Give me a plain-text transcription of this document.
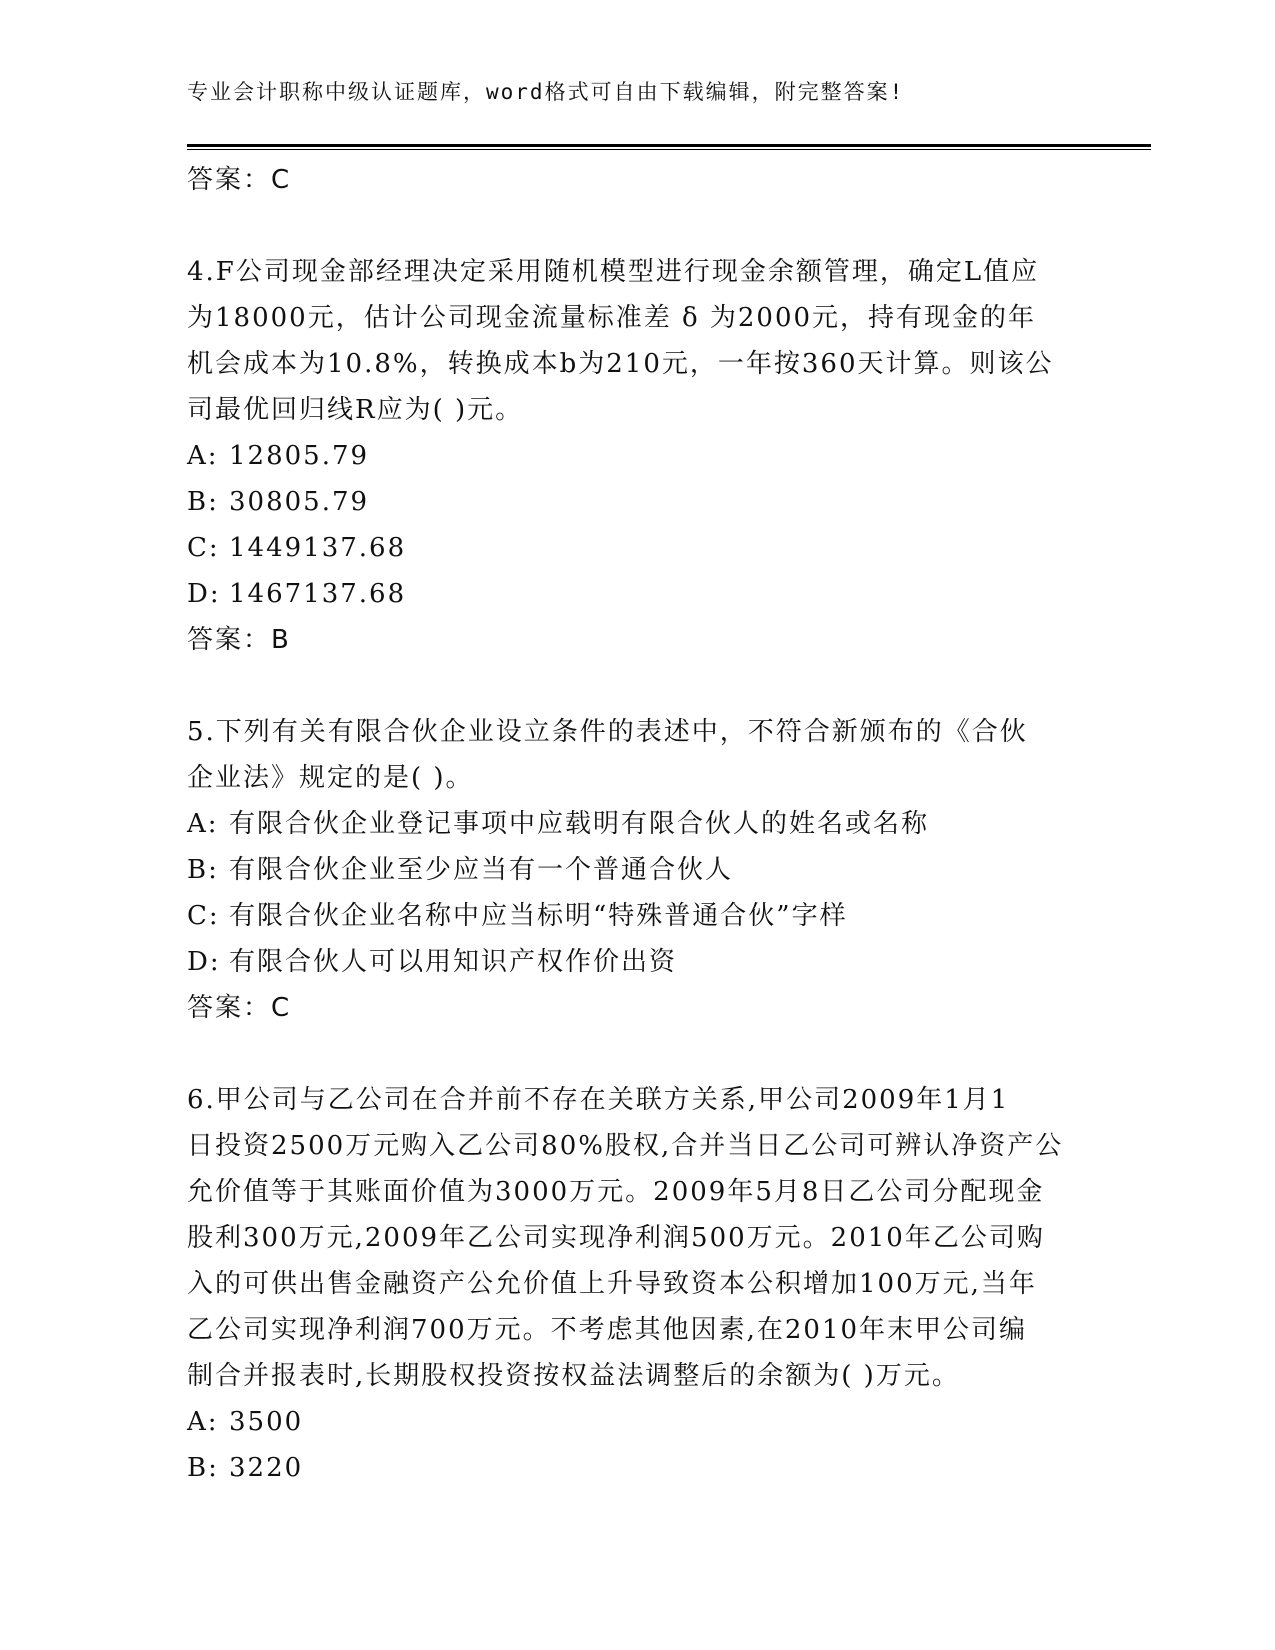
专业会计职称中级认证题库，word格式可自由下载编辑，附完整答案!
答案：C
4.F公司现金部经理决定采用随机模型进行现金余额管理，确定L值应
为18000元，估计公司现金流量标准差 δ 为2000元，持有现金的年
机会成本为10.8%，转换成本b为210元，一年按360天计算。则该公
司最优回归线R应为( )元。
A: 12805.79
B: 30805.79
C: 1449137.68
D: 1467137.68
答案：B
5.下列有关有限合伙企业设立条件的表述中，不符合新颁布的《合伙
企业法》规定的是( )。
A: 有限合伙企业登记事项中应载明有限合伙人的姓名或名称
B: 有限合伙企业至少应当有一个普通合伙人
C: 有限合伙企业名称中应当标明“特殊普通合伙”字样
D: 有限合伙人可以用知识产权作价出资
答案：C
6.甲公司与乙公司在合并前不存在关联方关系,甲公司2009年1月1
日投资2500万元购入乙公司80%股权,合并当日乙公司可辨认净资产公
允价值等于其账面价值为3000万元。2009年5月8日乙公司分配现金
股利300万元,2009年乙公司实现净利润500万元。2010年乙公司购
入的可供出售金融资产公允价值上升导致资本公积增加100万元,当年
乙公司实现净利润700万元。不考虑其他因素,在2010年末甲公司编
制合并报表时,长期股权投资按权益法调整后的余额为( )万元。
A: 3500
B: 3220
